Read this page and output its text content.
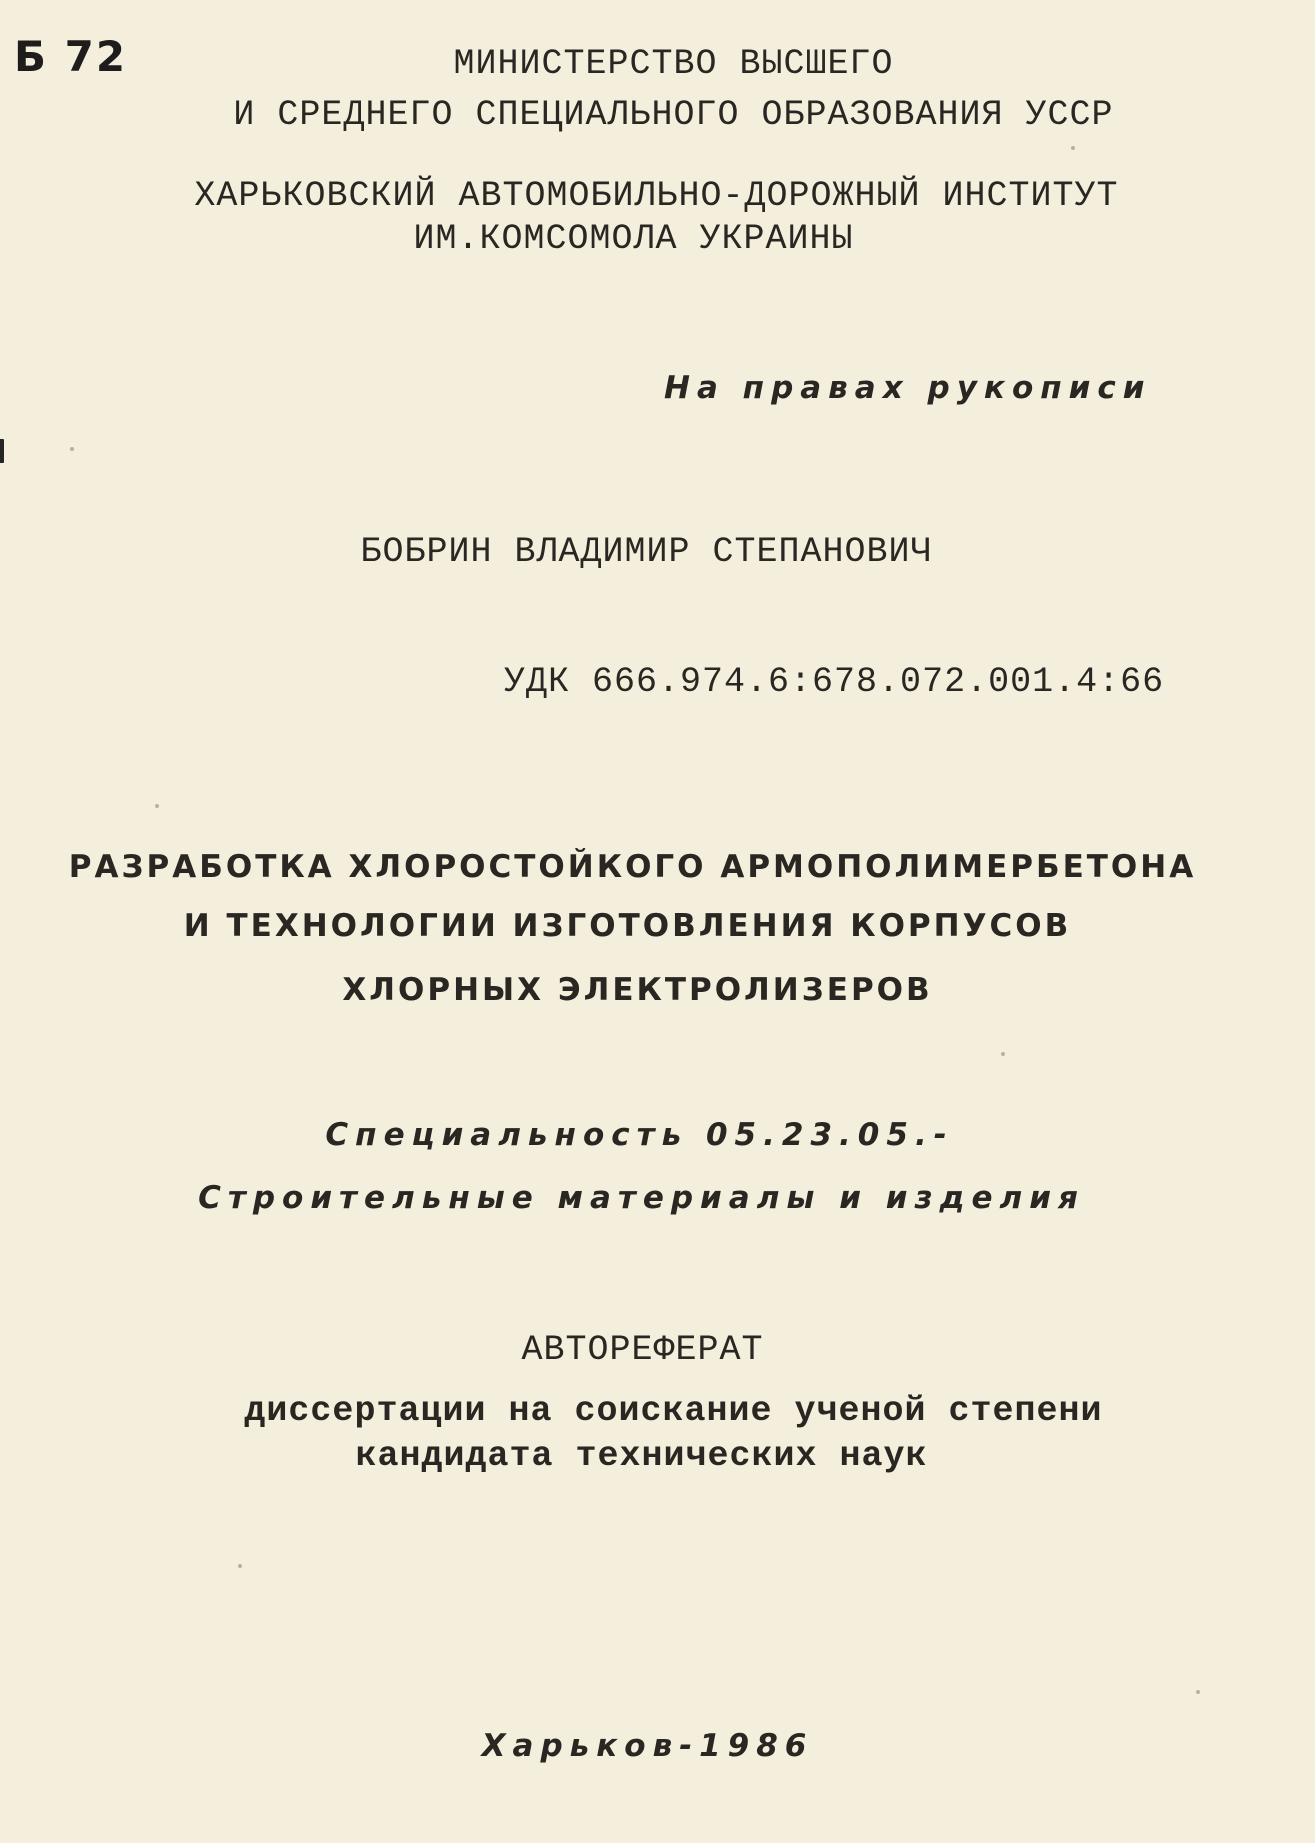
Б 72	МИНИСТЕРСТВО ВЫСШЕГО
И СРЕДНЕГО СПЕЦИАЛЬНОГО ОБРАЗОВАНИЯ УССР
ХАРЬКОВСКИЙ АВТОМОБИЛЬНО-ДОРОЖНЫЙ ИНСТИТУТ
ИМ.КОМСОМОЛА УКРАИНЫ
На правах рукописи
БОБРИН ВЛАДИМИР СТЕПАНОВИЧ
УДК 666.974.6:678.072.001.4:66
РАЗРАБОТКА ХЛОРОСТОЙКОГО АРМОПОЛИМЕРБЕТОНА
И ТЕХНОЛОГИИ ИЗГОТОВЛЕНИЯ КОРПУСОВ
ХЛОРНЫХ ЭЛЕКТРОЛИЗЕРОВ
Специальность 05.23.05.-
Строительные материалы и изделия
АВТОРЕФЕРАТ
диссертации на соискание ученой степени
кандидата технических наук
Харьков-1986
